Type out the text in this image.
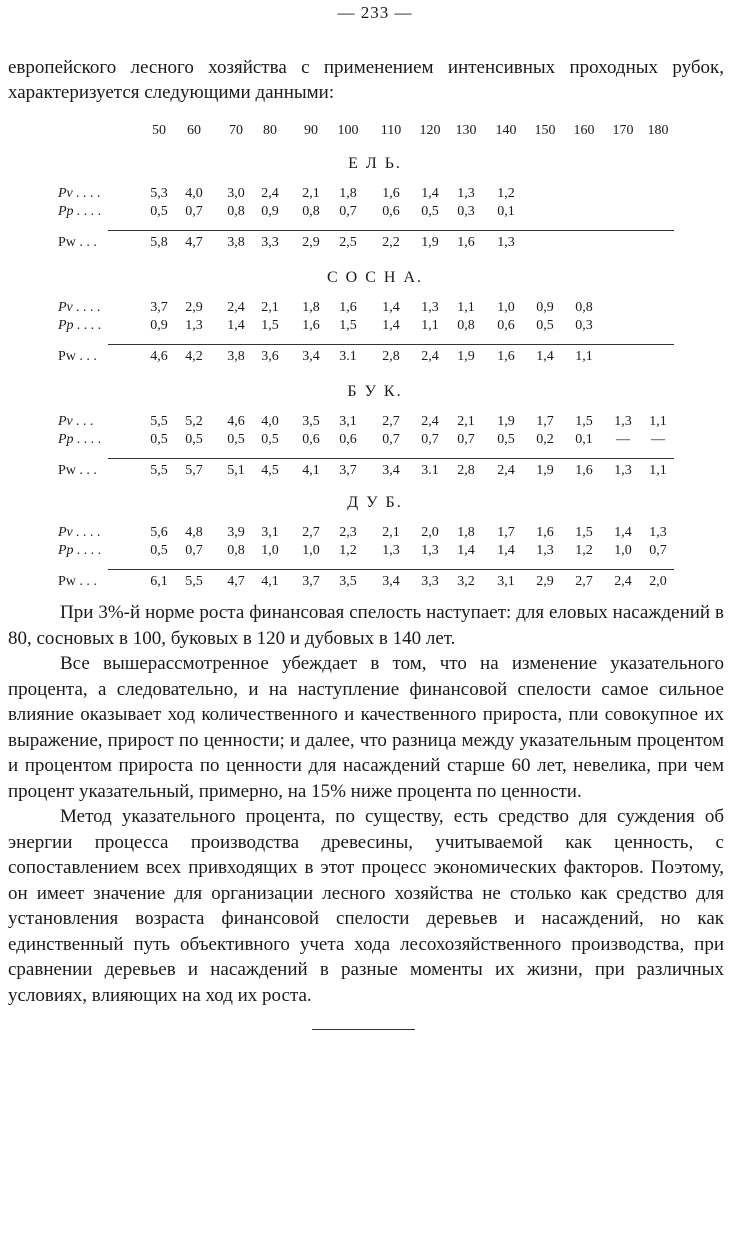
— 233 —

европейского лесного хозяйства с применением интенсивных проходных рубок, характеризуется следующими данными:

50 60 70 80 90 100 110 120 130 140 150 160 170 180
Е Л Ь.
Pv . . . .	5,3 4,0 3,0 2,4 2,1 1,8 1,6 1,4 1,3 1,2
Pp . . . .	0,5 0,7 0,8 0,9 0,8 0,7 0,6 0,5 0,3 0,1
Pw . . .	5,8 4,7 3,8 3,3 2,9 2,5 2,2 1,9 1,6 1,3
С О С Н А.
Pv . . . .	3,7 2,9 2,4 2,1 1,8 1,6 1,4 1,3 1,1 1,0 0,9 0,8
Pp . . . .	0,9 1,3 1,4 1,5 1,6 1,5 1,4 1,1 0,8 0,6 0,5 0,3
Pw . . .	4,6 4,2 3,8 3,6 3,4 3.1 2,8 2,4 1,9 1,6 1,4 1,1
Б У К.
Pv . . .	5,5 5,2 4,6 4,0 3,5 3,1 2,7 2,4 2,1 1,9 1,7 1,5 1,3 1,1
Pp . . . .	0,5 0,5 0,5 0,5 0,6 0,6 0,7 0,7 0,7 0,5 0,2 0,1 — —
Pw . . .	5,5 5,7 5,1 4,5 4,1 3,7 3,4 3.1 2,8 2,4 1,9 1,6 1,3 1,1
Д У Б.
Pv . . . .	5,6 4,8 3,9 3,1 2,7 2,3 2,1 2,0 1,8 1,7 1,6 1,5 1,4 1,3
Pp . . . .	0,5 0,7 0,8 1,0 1,0 1,2 1,3 1,3 1,4 1,4 1,3 1,2 1,0 0,7
Pw . . .	6,1 5,5 4,7 4,1 3,7 3,5 3,4 3,3 3,2 3,1 2,9 2,7 2,4 2,0

При 3%-й норме роста финансовая спелость наступает: для еловых насаждений в 80, сосновых в 100, буковых в 120 и дубовых в 140 лет.

Все вышерассмотренное убеждает в том, что на изменение указательного процента, а следовательно, и на наступление финансовой спелости самое сильное влияние оказывает ход количественного и качественного прироста, пли совокупное их выражение, прирост по ценности; и далее, что разница между указательным процентом и процентом прироста по ценности для насаждений старше 60 лет, невелика, при чем процент указательный, примерно, на 15% ниже процента по ценности.

Метод указательного процента, по существу, есть средство для суждения об энергии процесса производства древесины, учитываемой как ценность, с сопоставлением всех привходящих в этот процесс экономических факторов. Поэтому, он имеет значение для организации лесного хозяйства не столько как средство для установления возраста финансовой спелости деревьев и насаждений, но как единственный путь объективного учета хода лесохозяйственного производства, при сравнении деревьев и насаждений в разные моменты их жизни, при различных условиях, влияющих на ход их роста.
